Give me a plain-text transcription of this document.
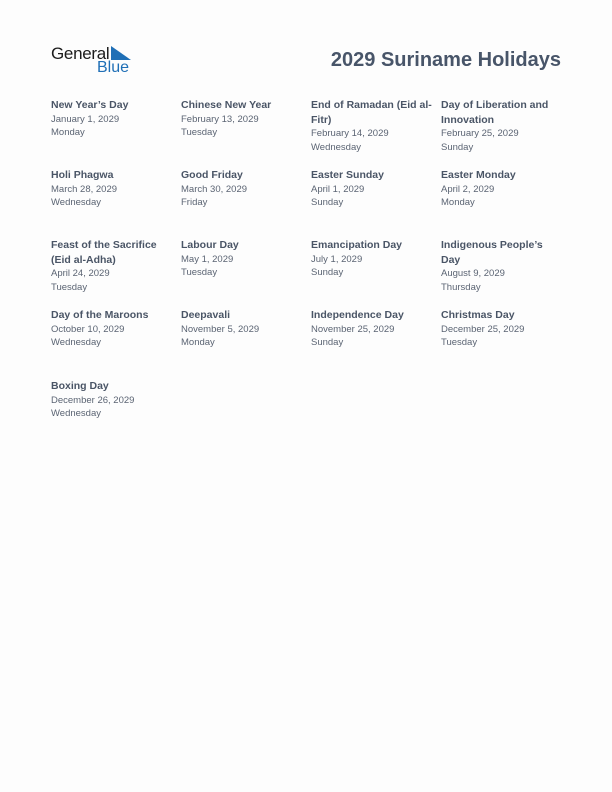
General
Blue	2029 Suriname Holidays
New Year’s Day
January 1, 2029
Monday
Chinese New Year
February 13, 2029
Tuesday
End of Ramadan (Eid al-Fitr)
February 14, 2029
Wednesday
Day of Liberation and Innovation
February 25, 2029
Sunday
Holi Phagwa
March 28, 2029
Wednesday
Good Friday
March 30, 2029
Friday
Easter Sunday
April 1, 2029
Sunday
Easter Monday
April 2, 2029
Monday
Feast of the Sacrifice (Eid al-Adha)
April 24, 2029
Tuesday
Labour Day
May 1, 2029
Tuesday
Emancipation Day
July 1, 2029
Sunday
Indigenous People’s Day
August 9, 2029
Thursday
Day of the Maroons
October 10, 2029
Wednesday
Deepavali
November 5, 2029
Monday
Independence Day
November 25, 2029
Sunday
Christmas Day
December 25, 2029
Tuesday
Boxing Day
December 26, 2029
Wednesday
